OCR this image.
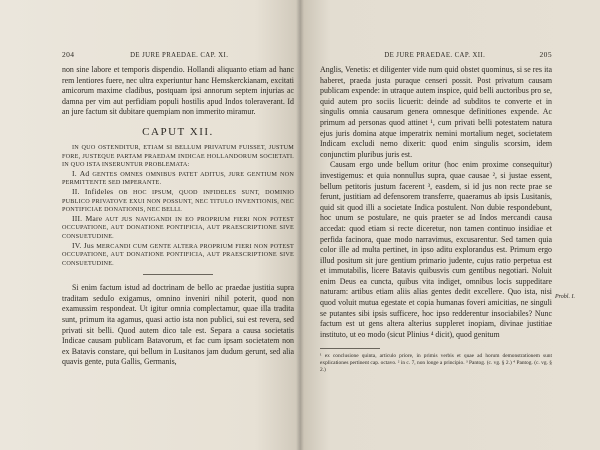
204	DE JURE PRAEDAE. CAP. XI.

non sine labore et temporis dispendio. Hollandi aliquanto etiam ad hanc rem lentiores fuere, nec ultra experiuntur hanc Hemskerckianam, excitati amicorum maxime cladibus, postquam ipsi annorum septem injurias ac damna per vim aut perfidiam populi hostilis apud Indos toleraverant. Id an jure factum sit dubitare quempiam non immerito miramur.

CAPUT XII.

IN QUO OSTENDITUR, ETIAM SI BELLUM PRIVATUM FUISSET, JUSTUM FORE, JUSTEQUE PARTAM PRAEDAM INDICAE HOLLANDORUM SOCIETATI. IN QUO ISTA INSERUNTUR PROBLEMATA:

I. Ad GENTES OMNES OMNIBUS PATET ADITUS, JURE GENTIUM NON PERMITTENTE SED IMPERANTE.

II. Infideles OB HOC IPSUM, QUOD INFIDELES SUNT, DOMINIO PUBLICO PRIVATOVE EXUI NON POSSUNT, NEC TITULO INVENTIONIS, NEC PONTIFICIAE DONATIONIS, NEC BELLI.

III. Mare AUT JUS NAVIGANDI IN EO PROPRIUM FIERI NON POTEST OCCUPATIONE, AUT DONATIONE PONTIFICIA, AUT PRAESCRIPTIONE SIVE CONSUETUDINE.

IV. Jus MERCANDI CUM GENTE ALTERA PROPRIUM FIERI NON POTEST OCCUPATIONE, AUT DONATIONE PONTIFICIA, AUT PRAESCRIPTIONE SIVE CONSUETUDINE.

Si enim factum istud ad doctrinam de bello ac praedae justitia supra traditam seduIo exigamus, omnino inveniri nihil poterit, quod non examussim respondeat. Ut igitur omnia complectamur, quae illa tradita sunt, primum ita agamus, quasi actio ista non publici, sui est revera, sed privati sit belli. Quod autem dico tale est. Separa a causa societatis Indicae causam publicam Batavorum, et fac cum ipsam societatem non ex Batavis constare, qui bellum in Lusitanos jam dudum gerunt, sed alia quavis gente, puta Gallis, Germanis,

DE JURE PRAEDAE. CAP. XII.	205

Anglis, Venetis: et diligenter vide num quid obstet quominus, si se res ita haberet, praeda justa puraque censeri possit. Post privatum causam publicam expende: in utraque autem inspice, quid belli auctoribus pro se, quid autem pro sociis licuerit: deinde ad subditos te converte et in singulis omnia causarum genera omnesque definitiones expende. Ac primum ad personas quod attinet ¹, cum privati belli potestatem natura ejus juris domina atque imperatrix nemini mortalium neget, societatem Indicam excludi nemo dixerit: quod enim singulis scorsim, idem conjunctim pluribus juris est.

Causam ergo unde bellum oritur (hoc enim proxime consequitur) investigemus: et quia nonnullus supra, quae causae ², si justae essent, bellum petitoris justum facerent ³, easdem, si id jus non recte prae se ferunt, justitiam ad defensorem transferre, quaeramus ab ipsis Lusitanis, quid sit quod illi a societate Indica postulent. Non dubie respondebunt, hoc unum se postulare, ne quis praeter se ad Indos mercandi causa accedat: quod etiam si recte diceretur, non tamen continuo insidiae et perfida facinora, quae modo narravimus, excusarentur. Sed tamen quia color ille ad multa pertinet, in ipso aditu explorandus est. Primum ergo illud positum sit jure gentium primario judente, cujus ratio perpetua est et immutabilis, licere Batavis quibusvis cum gentibus negotiari. Noluit enim Deus ea cuncta, quibus vita indiget, omnibus locis suppeditare naturam: artibus etiam aliis alias gentes dedit excellere. Quo ista, nisi quod voluit mutua egestate et copia humanas foveri amicitias, ne singuli se putantes sibi ipsis sufficere, hoc ipso redderentur insociabiles? Nunc factum est ut gens altera alterius suppleret inopiam, divinae justitiae instituto, ut eo modo (sicut Plinius ⁴ dicit), quod genitum

¹ ex conclusione quinta, articulo priore, in primis verbis et quae ad horum demonstrationem sunt explicationes pertinent cap. octavo. ² in c. 7, non longe a principio. ³ Pantog. (c. vg. § 2.) ⁴ Pantog. (c. vg. § 2.)

Probl. I.
